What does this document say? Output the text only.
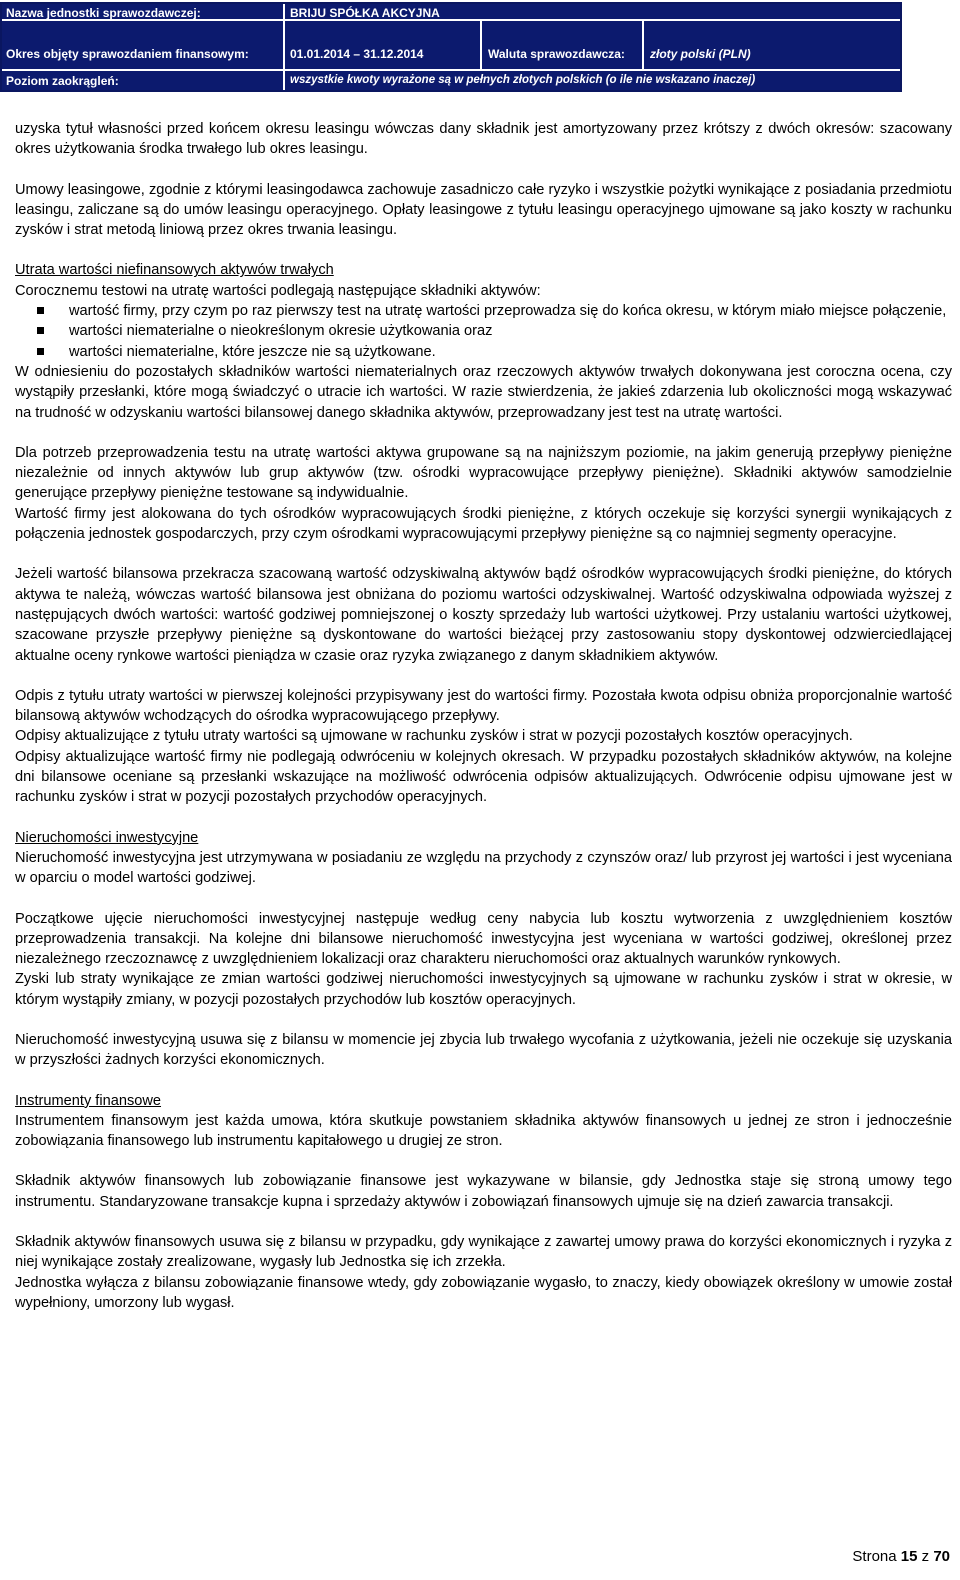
Nazwa jednostki sprawozdawczej:	BRIJU SPÓŁKA AKCYJNA
Okres objęty sprawozdaniem finansowym:	01.01.2014 – 31.12.2014	Waluta sprawozdawcza: złoty polski (PLN)
Poziom zaokrągleń:	wszystkie kwoty wyrażone są w pełnych złotych polskich (o ile nie wskazano inaczej)

uzyska tytuł własności przed końcem okresu leasingu wówczas dany składnik jest amortyzowany przez krótszy z dwóch okresów: szacowany okres użytkowania środka trwałego lub okres leasingu.

Umowy leasingowe, zgodnie z którymi leasingodawca zachowuje zasadniczo całe ryzyko i wszystkie pożytki wynikające z posiadania przedmiotu leasingu, zaliczane są do umów leasingu operacyjnego. Opłaty leasingowe z tytułu leasingu operacyjnego ujmowane są jako koszty w rachunku zysków i strat metodą liniową przez okres trwania leasingu.

Utrata wartości niefinansowych aktywów trwałych

Corocznemu testowi na utratę wartości podlegają następujące składniki aktywów:

wartość firmy, przy czym po raz pierwszy test na utratę wartości przeprowadza się do końca okresu, w którym miało miejsce połączenie,
wartości niematerialne o nieokreślonym okresie użytkowania oraz
wartości niematerialne, które jeszcze nie są użytkowane.

W odniesieniu do pozostałych składników wartości niematerialnych oraz rzeczowych aktywów trwałych dokonywana jest coroczna ocena, czy wystąpiły przesłanki, które mogą świadczyć o utracie ich wartości. W razie stwierdzenia, że jakieś zdarzenia lub okoliczności mogą wskazywać na trudność w odzyskaniu wartości bilansowej danego składnika aktywów, przeprowadzany jest test na utratę wartości.

Dla potrzeb przeprowadzenia testu na utratę wartości aktywa grupowane są na najniższym poziomie, na jakim generują przepływy pieniężne niezależnie od innych aktywów lub grup aktywów (tzw. ośrodki wypracowujące przepływy pieniężne). Składniki aktywów samodzielnie generujące przepływy pieniężne testowane są indywidualnie.

Wartość firmy jest alokowana do tych ośrodków wypracowujących środki pieniężne, z których oczekuje się korzyści synergii wynikających z połączenia jednostek gospodarczych, przy czym ośrodkami wypracowującymi przepływy pieniężne są co najmniej segmenty operacyjne.

Jeżeli wartość bilansowa przekracza szacowaną wartość odzyskiwalną aktywów bądź ośrodków wypracowujących środki pieniężne, do których aktywa te należą, wówczas wartość bilansowa jest obniżana do poziomu wartości odzyskiwalnej. Wartość odzyskiwalna odpowiada wyższej z następujących dwóch wartości: wartość godziwej pomniejszonej o koszty sprzedaży lub wartości użytkowej. Przy ustalaniu wartości użytkowej, szacowane przyszłe przepływy pieniężne są dyskontowane do wartości bieżącej przy zastosowaniu stopy dyskontowej odzwierciedlającej aktualne oceny rynkowe wartości pieniądza w czasie oraz ryzyka związanego z danym składnikiem aktywów.

Odpis z tytułu utraty wartości w pierwszej kolejności przypisywany jest do wartości firmy. Pozostała kwota odpisu obniża proporcjonalnie wartość bilansową aktywów wchodzących do ośrodka wypracowującego przepływy.

Odpisy aktualizujące z tytułu utraty wartości są ujmowane w rachunku zysków i strat w pozycji pozostałych kosztów operacyjnych.

Odpisy aktualizujące wartość firmy nie podlegają odwróceniu w kolejnych okresach. W przypadku pozostałych składników aktywów, na kolejne dni bilansowe oceniane są przesłanki wskazujące na możliwość odwrócenia odpisów aktualizujących. Odwrócenie odpisu ujmowane jest w rachunku zysków i strat w pozycji pozostałych przychodów operacyjnych.

Nieruchomości inwestycyjne

Nieruchomość inwestycyjna jest utrzymywana w posiadaniu ze względu na przychody z czynszów oraz/ lub przyrost jej wartości i jest wyceniana w oparciu o model wartości godziwej.

Początkowe ujęcie nieruchomości inwestycyjnej następuje według ceny nabycia lub kosztu wytworzenia z uwzględnieniem kosztów przeprowadzenia transakcji. Na kolejne dni bilansowe nieruchomość inwestycyjna jest wyceniana w wartości godziwej, określonej przez niezależnego rzeczoznawcę z uwzględnieniem lokalizacji oraz charakteru nieruchomości oraz aktualnych warunków rynkowych.

Zyski lub straty wynikające ze zmian wartości godziwej nieruchomości inwestycyjnych są ujmowane w rachunku zysków i strat w okresie, w którym wystąpiły zmiany, w pozycji pozostałych przychodów lub kosztów operacyjnych.

Nieruchomość inwestycyjną usuwa się z bilansu w momencie jej zbycia lub trwałego wycofania z użytkowania, jeżeli nie oczekuje się uzyskania w przyszłości żadnych korzyści ekonomicznych.

Instrumenty finansowe

Instrumentem finansowym jest każda umowa, która skutkuje powstaniem składnika aktywów finansowych u jednej ze stron i jednocześnie zobowiązania finansowego lub instrumentu kapitałowego u drugiej ze stron.

Składnik aktywów finansowych lub zobowiązanie finansowe jest wykazywane w bilansie, gdy Jednostka staje się stroną umowy tego instrumentu. Standaryzowane transakcje kupna i sprzedaży aktywów i zobowiązań finansowych ujmuje się na dzień zawarcia transakcji.

Składnik aktywów finansowych usuwa się z bilansu w przypadku, gdy wynikające z zawartej umowy prawa do korzyści ekonomicznych i ryzyka z niej wynikające zostały zrealizowane, wygasły lub Jednostka się ich zrzekła.

Jednostka wyłącza z bilansu zobowiązanie finansowe wtedy, gdy zobowiązanie wygasło, to znaczy, kiedy obowiązek określony w umowie został wypełniony, umorzony lub wygasł.

Strona 15 z 70
